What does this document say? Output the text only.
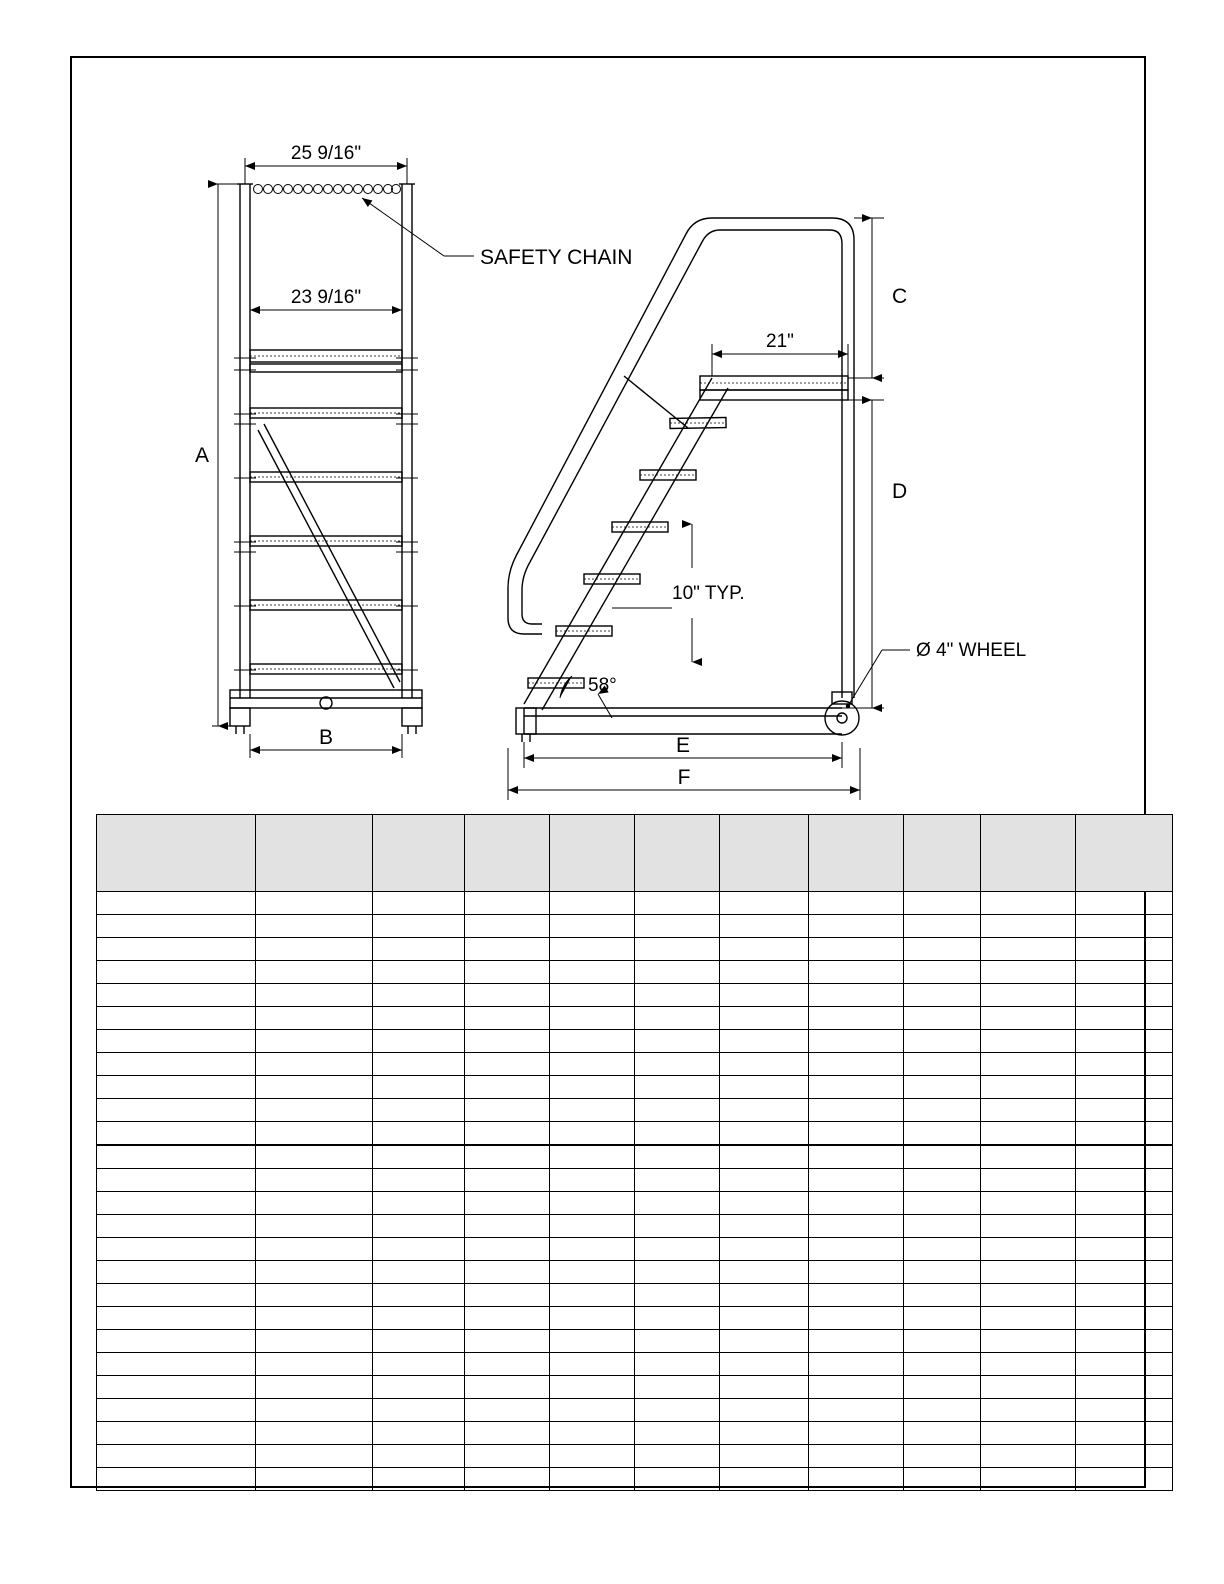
25 9/16"
23 9/16"
A
B
SAFETY CHAIN
21"
C
D
E
F
10" TYP.
58°
Ø 4" WHEEL
